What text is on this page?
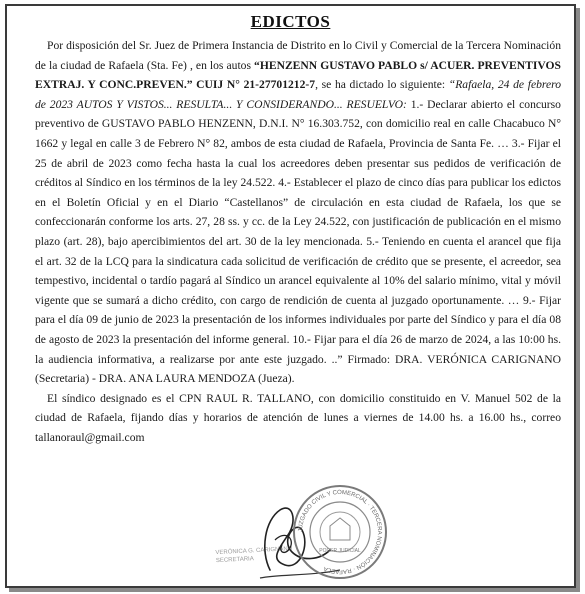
EDICTOS

Por disposición del Sr. Juez de Primera Instancia de Distrito en lo Civil y Comercial de la Tercera Nominación de la ciudad de Rafaela (Sta. Fe) , en los autos “HENZENN GUSTAVO PABLO s/ ACUER. PREVENTIVOS EXTRAJ. Y CONC.PREVEN.” CUIJ N° 21-27701212-7, se ha dictado lo siguiente: “Rafaela, 24 de febrero de 2023 AUTOS Y VISTOS... RESULTA... Y CONSIDERANDO... RESUELVO: 1.- Declarar abierto el concurso preventivo de GUSTAVO PABLO HENZENN, D.N.I. N° 16.303.752, con domicilio real en calle Chacabuco N° 1662 y legal en calle 3 de Febrero N° 82, ambos de esta ciudad de Rafaela, Provincia de Santa Fe. … 3.- Fijar el 25 de abril de 2023 como fecha hasta la cual los acreedores deben presentar sus pedidos de verificación de créditos al Síndico en los términos de la ley 24.522. 4.- Establecer el plazo de cinco días para publicar los edictos en el Boletín Oficial y en el Diario “Castellanos” de circulación en esta ciudad de Rafaela, los que se confeccionarán conforme los arts. 27, 28 ss. y cc. de la Ley 24.522, con justificación de publicación en el mismo plazo (art. 28), bajo apercibimientos del art. 30 de la ley mencionada. 5.- Teniendo en cuenta el arancel que fija el art. 32 de la LCQ para la sindicatura cada solicitud de verificación de crédito que se presente, el acreedor, sea tempestivo, incidental o tardío pagará al Síndico un arancel equivalente al 10% del salario mínimo, vital y móvil vigente que se sumará a dicho crédito, con cargo de rendición de cuenta al juzgado oportunamente. … 9.- Fijar para el día 09 de junio de 2023 la presentación de los informes individuales por parte del Síndico y para el día 08 de agosto de 2023 la presentación del informe general. 10.- Fijar para el día 26 de marzo de 2024, a las 10:00 hs. la audiencia informativa, a realizarse por ante este juzgado. ..” Firmado: DRA. VERÓNICA CARIGNANO (Secretaria) - DRA. ANA LAURA MENDOZA (Jueza).

El síndico designado es el CPN RAUL R. TALLANO, con domicilio constituido en V. Manuel 502 de la ciudad de Rafaela, fijando días y horarios de atención de lunes a viernes de 14.00 hs. a 16.00 hs., correo tallanoraul@gmail.com

VERÓNICA G. CARIGNANO
SECRETARIA
JUZGADO CIVIL Y COMERCIAL · TERCERA NOMINACIÓN · RAFAELA
PODER JUDICIAL
